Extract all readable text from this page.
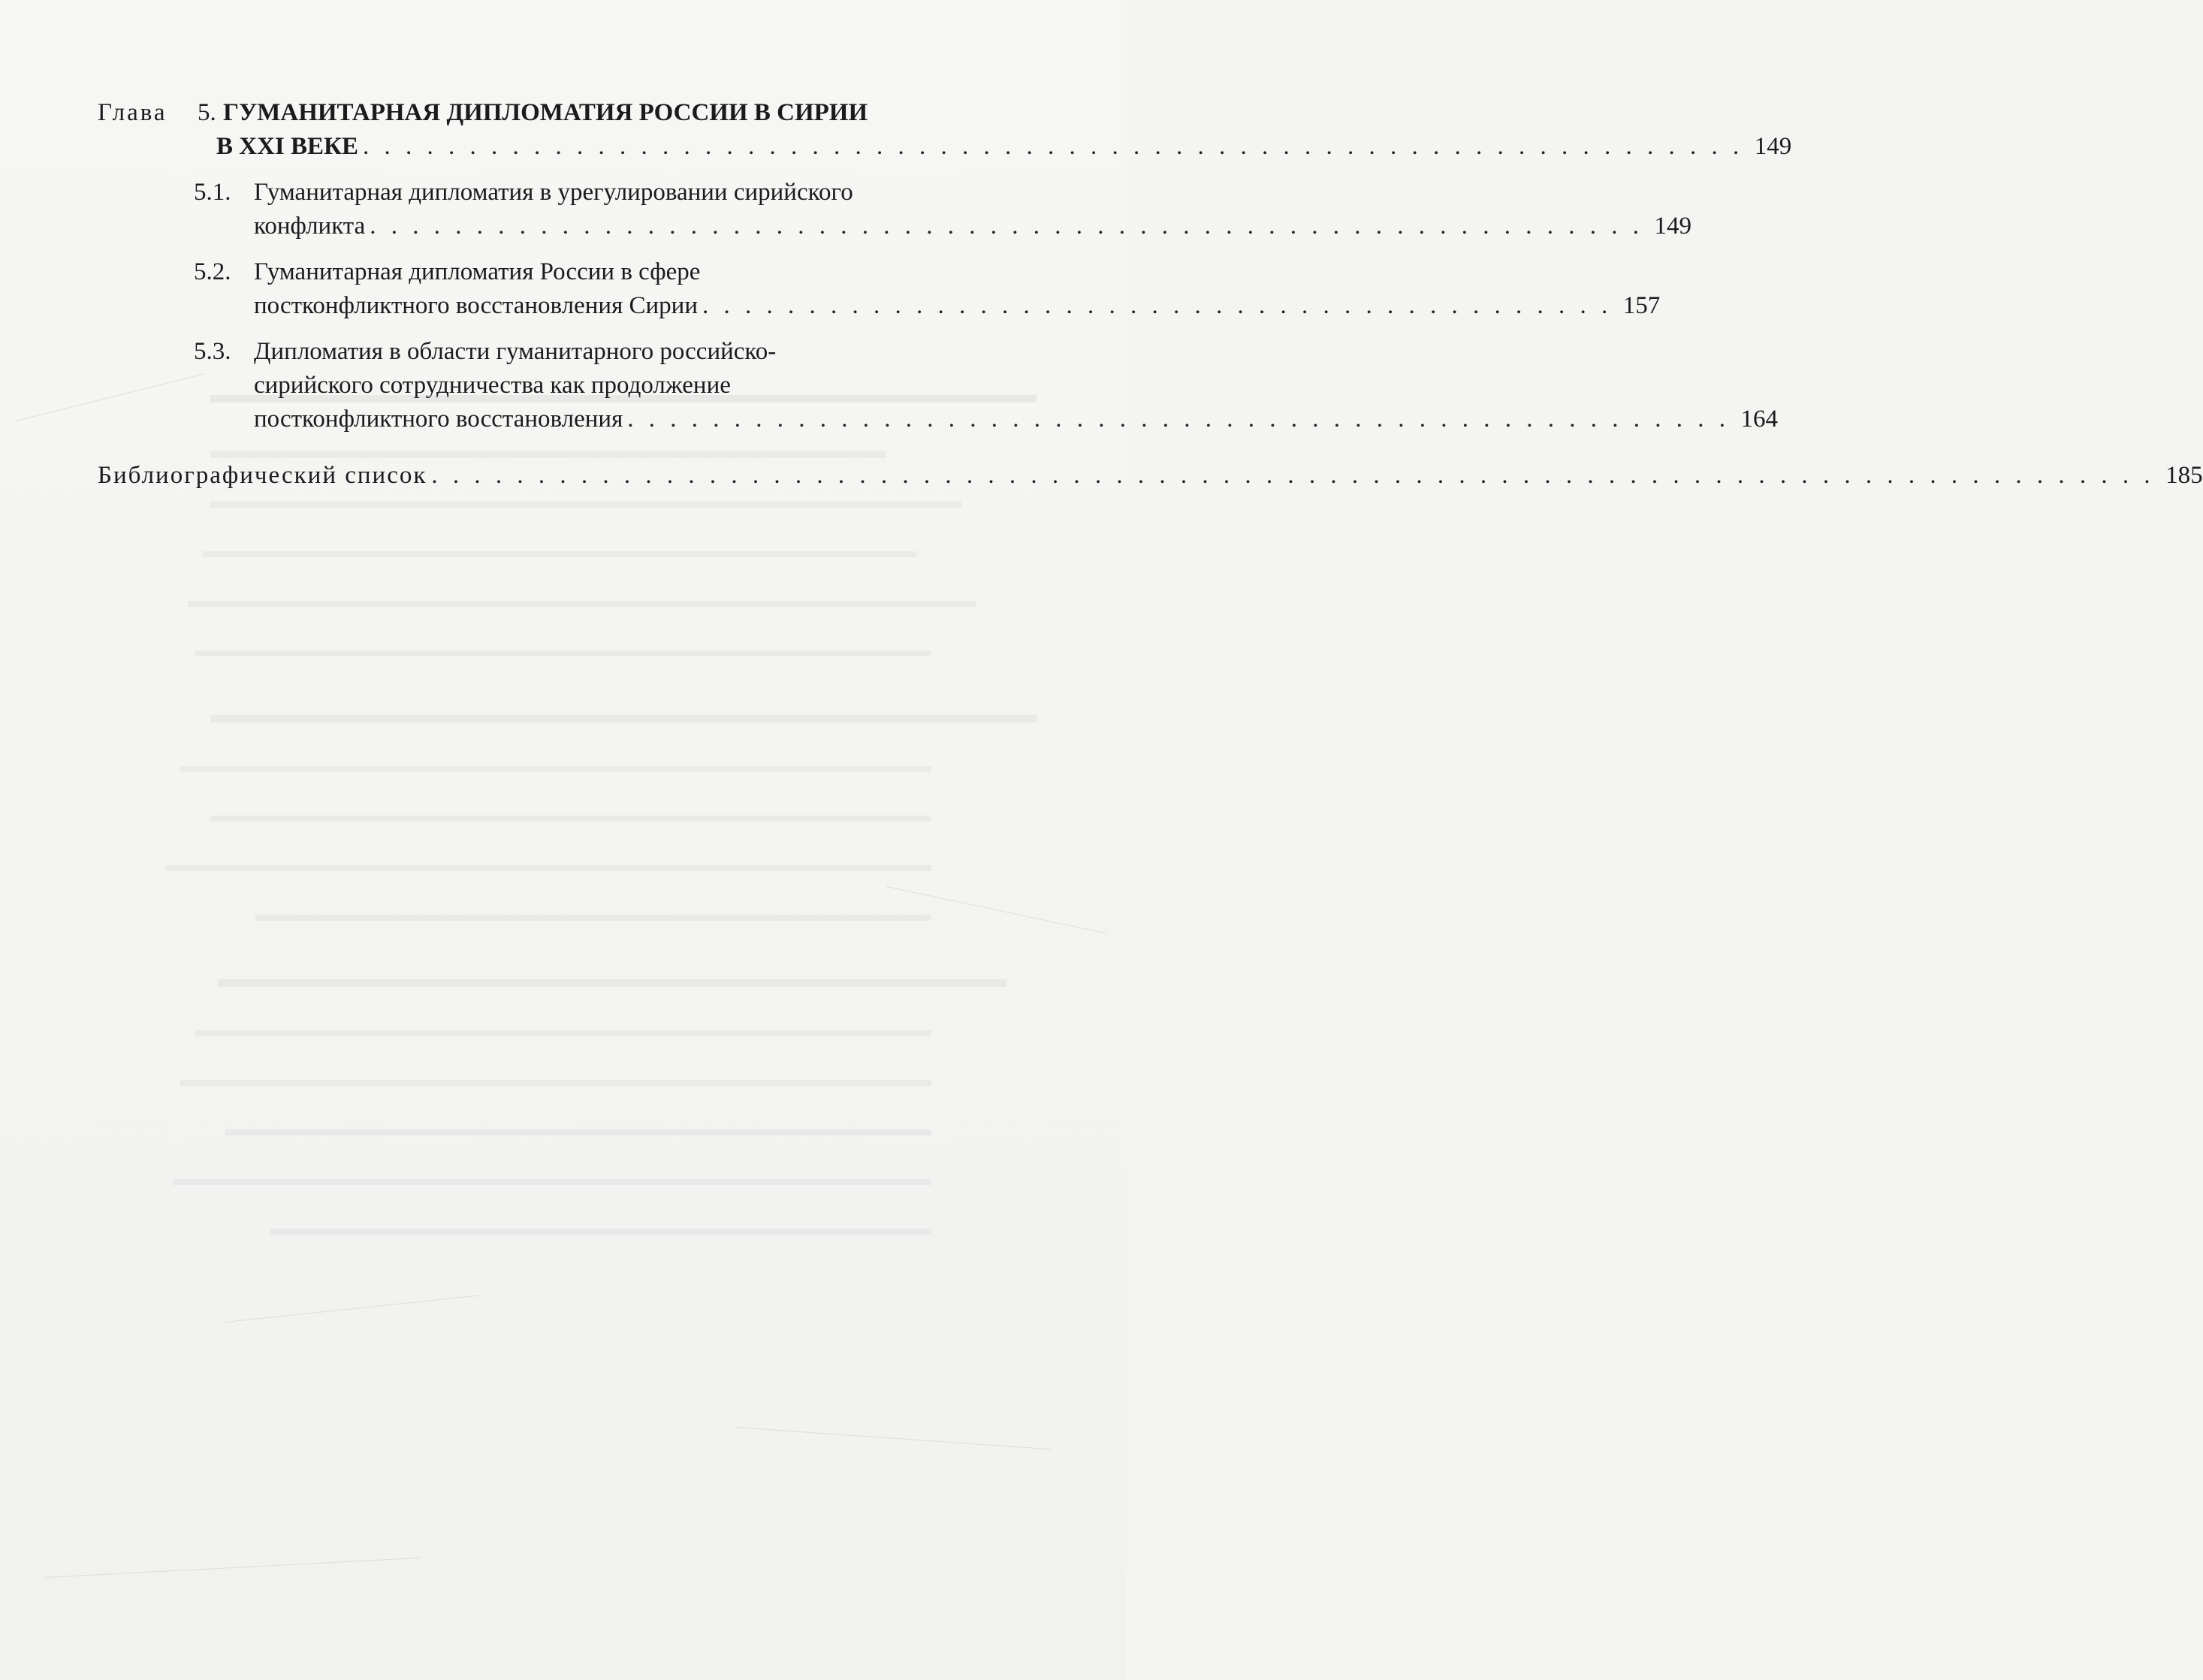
Глава	5. ГУМАНИТАРНАЯ ДИПЛОМАТИЯ РОССИИ В СИРИИ
В XXI ВЕКЕ . . . . . . . . . . . . . . . . . . . . . . . . . . . . . . . . . . . . . . . . . . . . . . . . . . . . . . . . . . . . . . . . . 149
5.1. Гуманитарная дипломатия в урегулировании сирийского
конфликта . . . . . . . . . . . . . . . . . . . . . . . . . . . . . . . . . . . . . . . . . . . . . . . . . . . . . . . . . . . . 149
5.2. Гуманитарная дипломатия России в сфере
постконфликтного восстановления Сирии . . . . . . . . . . . . . . . . . . . . . . . . . . . . . . . . . . . . . . . . . . . 157
5.3. Дипломатия в области гуманитарного российско-
сирийского сотрудничества как продолжение
постконфликтного восстановления . . . . . . . . . . . . . . . . . . . . . . . . . . . . . . . . . . . . . . . . . . . . . . . . . . . . 164
Библиографический список . . . . . . . . . . . . . . . . . . . . . . . . . . . . . . . . . . . . . . . . . . . . . . . . . . . . . . . . . . . . . . . . . . . . . . . . . . . . . . . . . 185
